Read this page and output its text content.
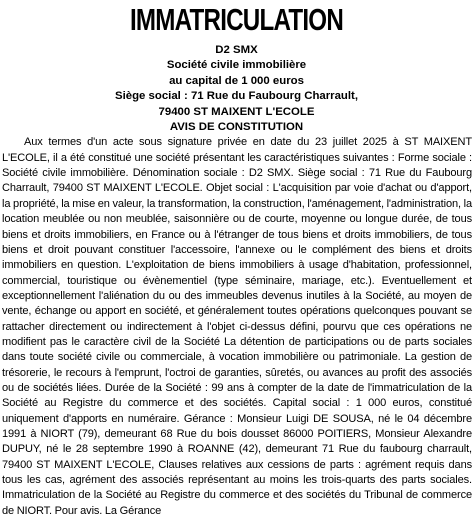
IMMATRICULATION
D2 SMX
Société civile immobilière
au capital de 1 000 euros
Siège social : 71 Rue du Faubourg Charrault,
79400 ST MAIXENT L'ECOLE
AVIS DE CONSTITUTION

Aux termes d'un acte sous signature privée en date du 23 juillet 2025 à ST MAIXENT L'ECOLE, il a été constitué une société présentant les caractéristiques suivantes : Forme sociale : Société civile immobilière. Dénomination sociale : D2 SMX. Siège social : 71 Rue du Faubourg Charrault, 79400 ST MAIXENT L'ECOLE. Objet social : L'acquisition par voie d'achat ou d'apport, la propriété, la mise en valeur, la transformation, la construction, l'aménagement, l'administration, la location meublée ou non meublée, saisonnière ou de courte, moyenne ou longue durée, de tous biens et droits immobiliers, en France ou à l'étranger de tous biens et droits immobiliers, de tous biens et droit pouvant constituer l'accessoire, l'annexe ou le complément des biens et droits immobiliers en question. L'exploitation de biens immobiliers à usage d'habitation, professionnel, commercial, touristique ou évènementiel (type séminaire, mariage, etc.). Eventuellement et exceptionnellement l'aliénation du ou des immeubles devenus inutiles à la Société, au moyen de vente, échange ou apport en société, et généralement toutes opérations quelconques pouvant se rattacher directement ou indirectement à l'objet ci-dessus défini, pourvu que ces opérations ne modifient pas le caractère civil de la Société La détention de participations ou de parts sociales dans toute société civile ou commerciale, à vocation immobilière ou patrimoniale. La gestion de trésorerie, le recours à l'emprunt, l'octroi de garanties, sûretés, ou avances au profit des associés ou de sociétés liées. Durée de la Société : 99 ans à compter de la date de l'immatriculation de la Société au Registre du commerce et des sociétés. Capital social : 1 000 euros, constitué uniquement d'apports en numéraire. Gérance : Monsieur Luigi DE SOUSA, né le 04 décembre 1991 à NIORT (79), demeurant 68 Rue du bois dousset 86000 POITIERS, Monsieur Alexandre DUPUY, né le 28 septembre 1990 à ROANNE (42), demeurant 71 Rue du faubourg charrault, 79400 ST MAIXENT L'ECOLE, Clauses relatives aux cessions de parts : agrément requis dans tous les cas, agrément des associés représentant au moins les trois-quarts des parts sociales. Immatriculation de la Société au Registre du commerce et des sociétés du Tribunal de commerce de NIORT. Pour avis. La Gérance
